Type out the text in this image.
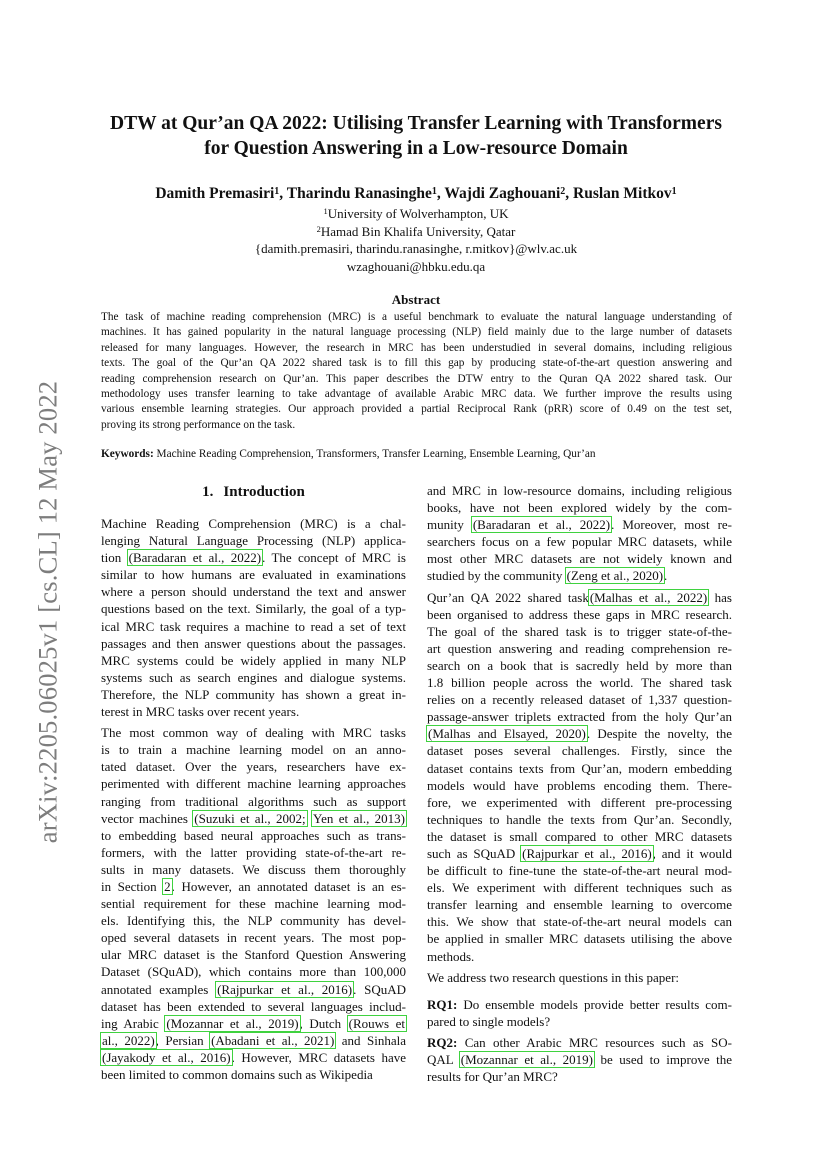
arXiv:2205.06025v1 [cs.CL] 12 May 2022
DTW at Qur’an QA 2022: Utilising Transfer Learning with Transformers
for Question Answering in a Low-resource Domain
Damith Premasiri$^1$, Tharindu Ranasinghe$^1$, Wajdi Zaghouani$^2$, Ruslan Mitkov$^1$
$^1$University of Wolverhampton, UK
$^2$Hamad Bin Khalifa University, Qatar
{damith.premasiri, tharindu.ranasinghe, r.mitkov}@wlv.ac.uk
wzaghouani@hbku.edu.qa
Abstract
The task of machine reading comprehension (MRC) is a useful benchmark to evaluate the natural language understanding of
machines. It has gained popularity in the natural language processing (NLP) field mainly due to the large number of datasets
released for many languages. However, the research in MRC has been understudied in several domains, including religious
texts. The goal of the Qur’an QA 2022 shared task is to fill this gap by producing state-of-the-art question answering and
reading comprehension research on Qur’an. This paper describes the DTW entry to the Quran QA 2022 shared task. Our
methodology uses transfer learning to take advantage of available Arabic MRC data. We further improve the results using
various ensemble learning strategies. Our approach provided a partial Reciprocal Rank (pRR) score of 0.49 on the test set,
proving its strong performance on the task.
Keywords: Machine Reading Comprehension, Transformers, Transfer Learning, Ensemble Learning, Qur’an
1. Introduction
Machine Reading Comprehension (MRC) is a chal-
lenging Natural Language Processing (NLP) applica-
tion (Baradaran et al., 2022). The concept of MRC is
similar to how humans are evaluated in examinations
where a person should understand the text and answer
questions based on the text. Similarly, the goal of a typ-
ical MRC task requires a machine to read a set of text
passages and then answer questions about the passages.
MRC systems could be widely applied in many NLP
systems such as search engines and dialogue systems.
Therefore, the NLP community has shown a great in-
terest in MRC tasks over recent years.
The most common way of dealing with MRC tasks
is to train a machine learning model on an anno-
tated dataset. Over the years, researchers have ex-
perimented with different machine learning approaches
ranging from traditional algorithms such as support
vector machines (Suzuki et al., 2002; Yen et al., 2013)
to embedding based neural approaches such as trans-
formers, with the latter providing state-of-the-art re-
sults in many datasets. We discuss them thoroughly
in Section 2. However, an annotated dataset is an es-
sential requirement for these machine learning mod-
els. Identifying this, the NLP community has devel-
oped several datasets in recent years. The most pop-
ular MRC dataset is the Stanford Question Answering
Dataset (SQuAD), which contains more than 100,000
annotated examples (Rajpurkar et al., 2016). SQuAD
dataset has been extended to several languages includ-
ing Arabic (Mozannar et al., 2019), Dutch (Rouws et
al., 2022), Persian (Abadani et al., 2021) and Sinhala
(Jayakody et al., 2016). However, MRC datasets have
been limited to common domains such as Wikipedia
and MRC in low-resource domains, including religious
books, have not been explored widely by the com-
munity (Baradaran et al., 2022). Moreover, most re-
searchers focus on a few popular MRC datasets, while
most other MRC datasets are not widely known and
studied by the community (Zeng et al., 2020).
Qur’an QA 2022 shared task(Malhas et al., 2022) has
been organised to address these gaps in MRC research.
The goal of the shared task is to trigger state-of-the-
art question answering and reading comprehension re-
search on a book that is sacredly held by more than
1.8 billion people across the world. The shared task
relies on a recently released dataset of 1,337 question-
passage-answer triplets extracted from the holy Qur’an
(Malhas and Elsayed, 2020). Despite the novelty, the
dataset poses several challenges. Firstly, since the
dataset contains texts from Qur’an, modern embedding
models would have problems encoding them. There-
fore, we experimented with different pre-processing
techniques to handle the texts from Qur’an. Secondly,
the dataset is small compared to other MRC datasets
such as SQuAD (Rajpurkar et al., 2016), and it would
be difficult to fine-tune the state-of-the-art neural mod-
els. We experiment with different techniques such as
transfer learning and ensemble learning to overcome
this. We show that state-of-the-art neural models can
be applied in smaller MRC datasets utilising the above
methods.
We address two research questions in this paper:
RQ1: Do ensemble models provide better results com-
pared to single models?
RQ2: Can other Arabic MRC resources such as SO-
QAL (Mozannar et al., 2019) be used to improve the
results for Qur’an MRC?
